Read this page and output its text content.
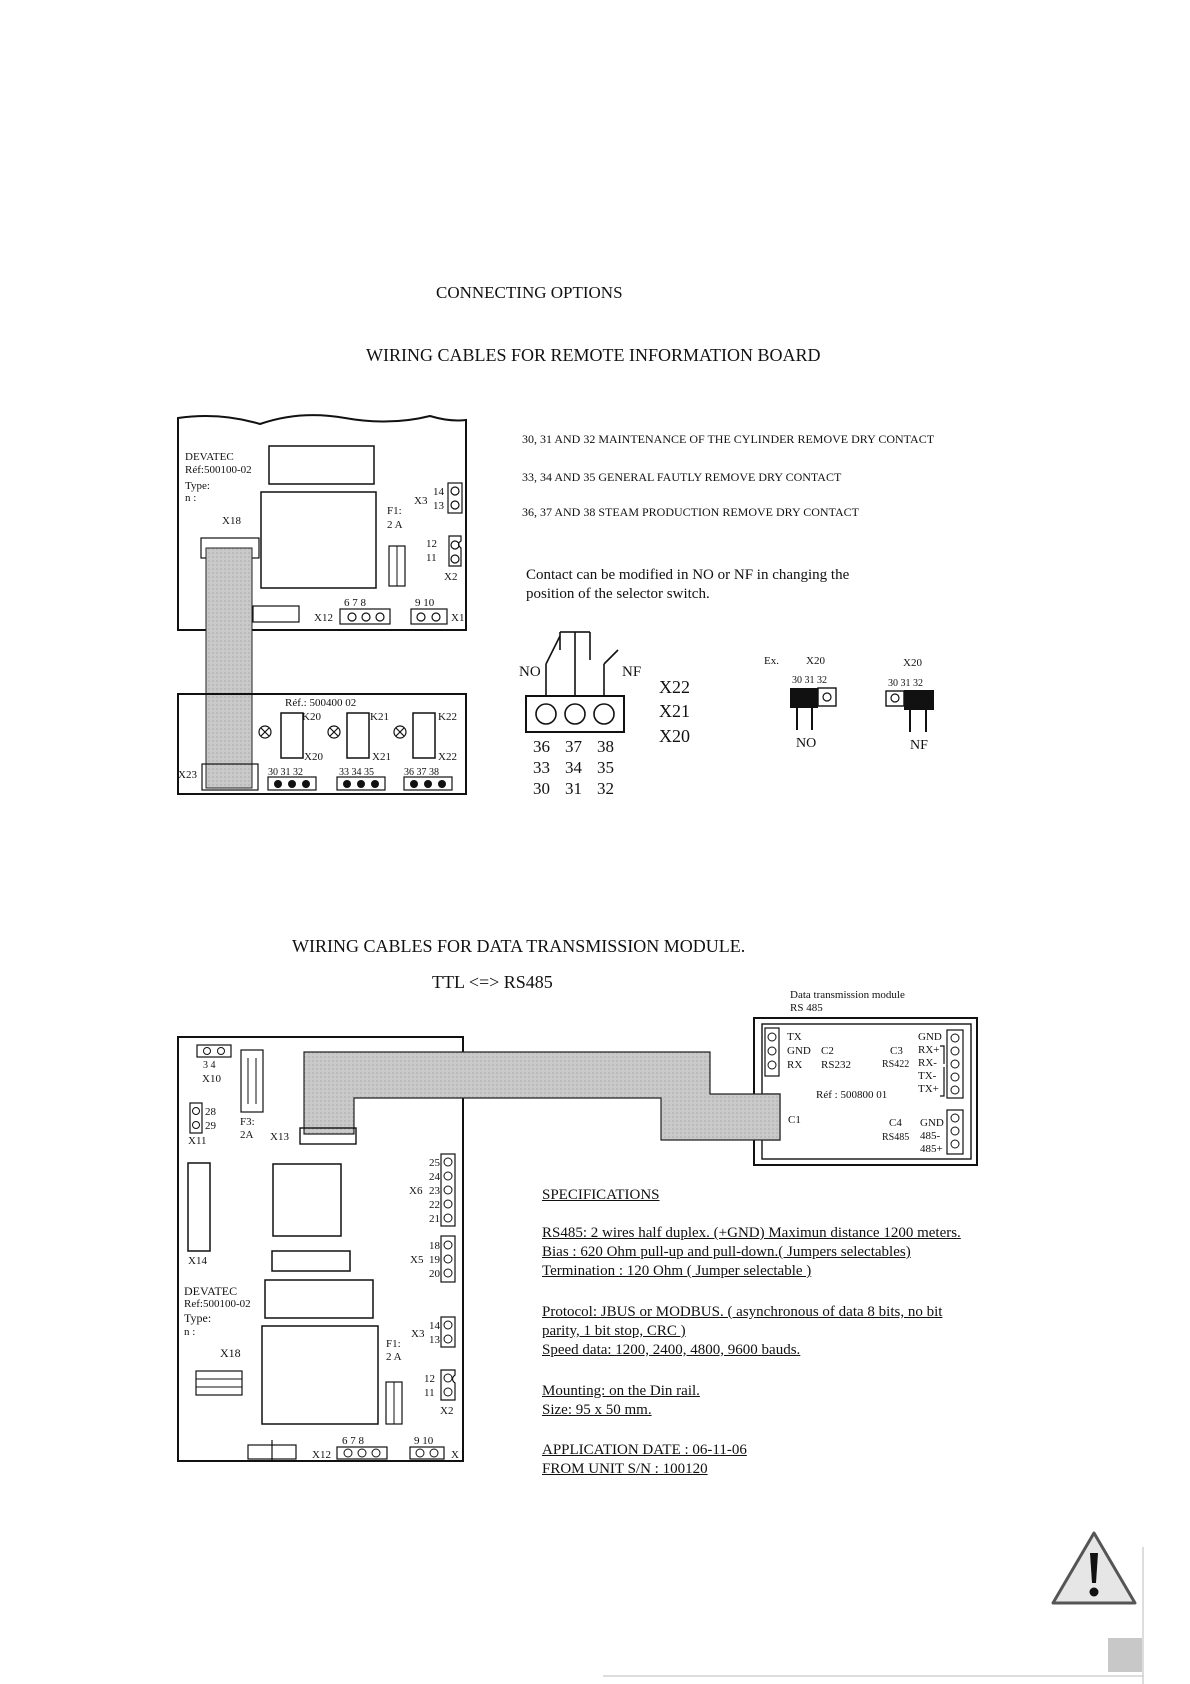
CONNECTING OPTIONS
WIRING CABLES FOR REMOTE INFORMATION BOARD
30, 31 AND 32 MAINTENANCE OF THE CYLINDER REMOVE DRY CONTACT
33, 34 AND 35 GENERAL FAUTLY REMOVE DRY CONTACT
36, 37 AND 38 STEAM PRODUCTION REMOVE DRY CONTACT
Contact can be modified in NO or NF in changing the
position of the selector switch.
WIRING CABLES FOR DATA TRANSMISSION MODULE.
TTL <=> RS485
SPECIFICATIONS
RS485: 2 wires half duplex. (+GND) Maximun distance 1200 meters.
Bias : 620 Ohm pull-up and pull-down.( Jumpers selectables)
Termination : 120 Ohm ( Jumper selectable )
Protocol: JBUS or MODBUS. ( asynchronous of data 8 bits, no bit
parity, 1 bit stop, CRC )
Speed data: 1200, 2400, 4800, 9600 bauds.
Mounting: on the Din rail.
Size: 95 x 50 mm.
APPLICATION DATE : 06-11-06
FROM UNIT S/N : 100120
DEVATEC
Réf:500100-02
Type:
n :
X18
F1:
2 A
X3
14
13
12
11
X2
X12
6 7 8	9 10
X1
Réf.: 500400 02
K20	K21	K22
X20	X21	X22
X23	30 31 32	33 34 35	36 37 38
NO	NF
X22
X21
X20
36 37 38
33 34 35
30 31 32
Ex. X20	X20
30 31 32	30 31 32
NO	NF
3 4
X10
28
29
X11
F3:
2A X13
25
24
23
22
21
X6
18
19
20
X5
X14
DEVATEC
Ref:500100-02
Type:
n :
X18
F1:
2 A
X3
14
13
12
11
X2
X12
6 7 8	9 10
X
Data transmission module
RS 485
TX
GND
RX
C2
RS232
C3
RS422
GND
RX+
RX-
TX-
TX+
Réf : 500800 01
C1	C4
RS485
GND
485-
485+
